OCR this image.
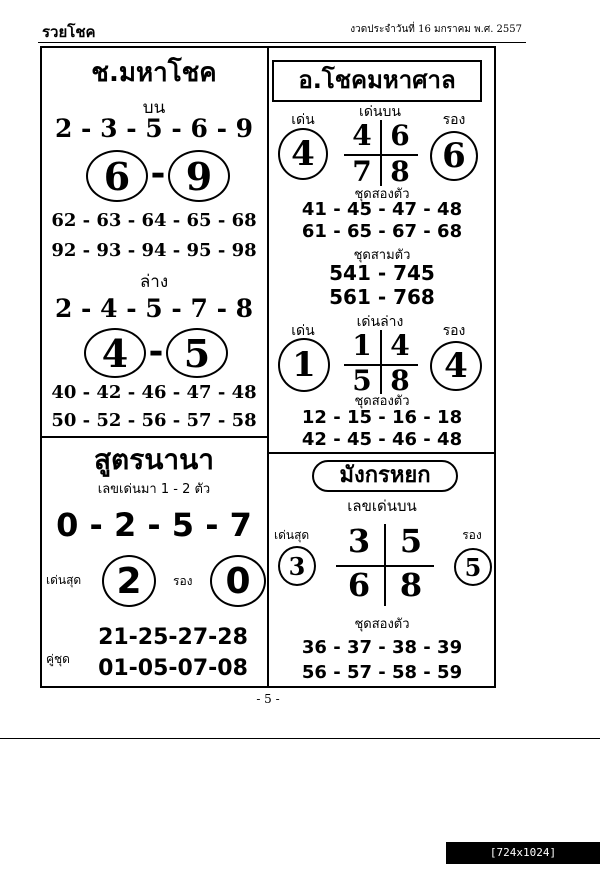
รวยโชค	งวดประจำวันที่ 16 มกราคม พ.ศ. 2557
ช.มหาโชค
บน
2 - 3 - 5 - 6 - 9
6 - 9
62 - 63 - 64 - 65 - 68
92 - 93 - 94 - 95 - 98
ล่าง
2 - 4 - 5 - 7 - 8
4 - 5
40 - 42 - 46 - 47 - 48
50 - 52 - 56 - 57 - 58
สูตรนานา
เลขเด่นมา 1 - 2 ตัว
0 - 2 - 5 - 7
เด่นสุด 2	รอง 0
คู่ชุด
21-25-27-28
01-05-07-08
อ.โชคมหาศาล
เด่น	เด่นบน	รอง
4	6
4 6
7 8
ชุดสองตัว
41 - 45 - 47 - 48
61 - 65 - 67 - 68
ชุดสามตัว
541 - 745
561 - 768
เด่น
เด่นล่าง
รอง
1	4
1 4
5 8
ชุดสองตัว
12 - 15 - 16 - 18
42 - 45 - 46 - 48
มังกรหยก
เลขเด่นบน
เด่นสุด	รอง
3	5
3 5
6 8
ชุดสองตัว
36 - 37 - 38 - 39
56 - 57 - 58 - 59
- 5 -
[724x1024] http://upic.me/
